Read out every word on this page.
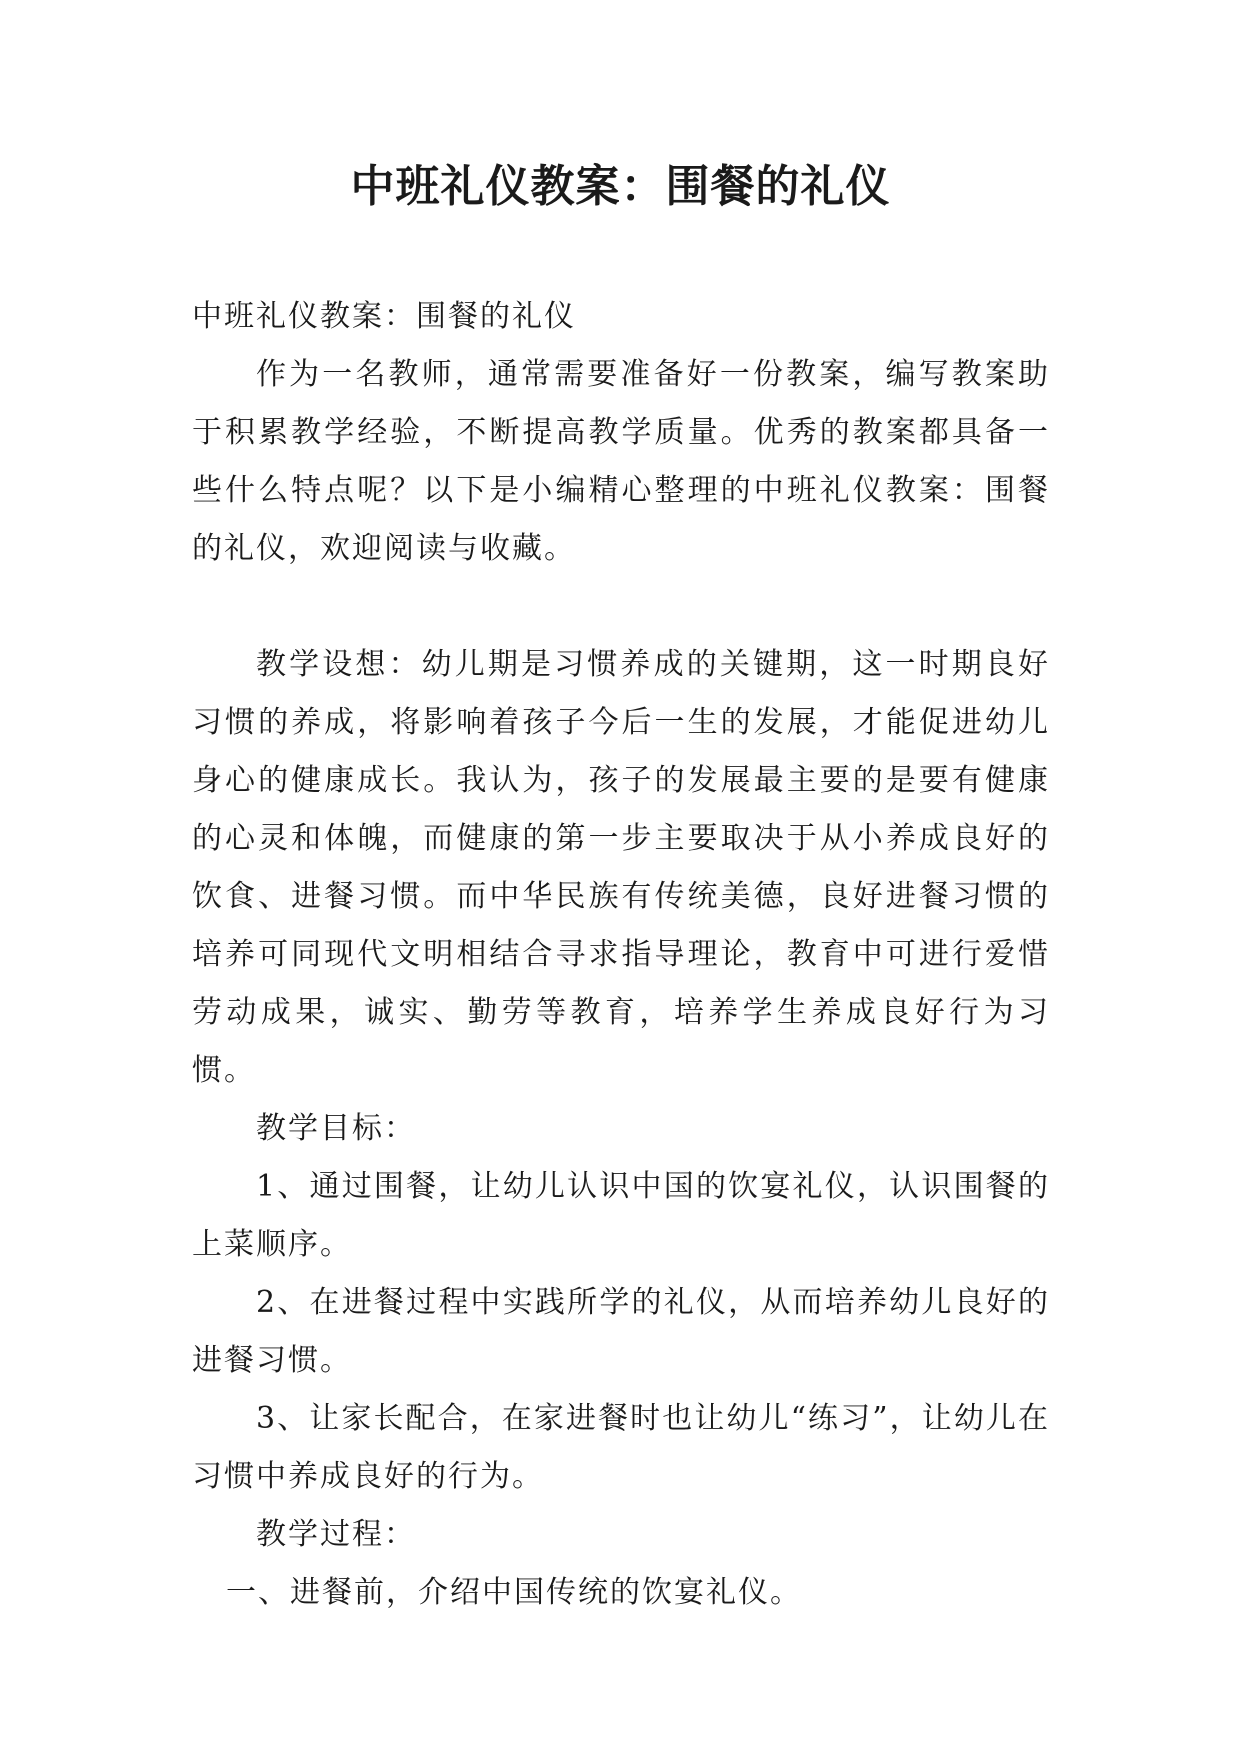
中班礼仪教案：围餐的礼仪

中班礼仪教案：围餐的礼仪

作为一名教师，通常需要准备好一份教案，编写教案助于积累教学经验，不断提高教学质量。优秀的教案都具备一些什么特点呢？以下是小编精心整理的中班礼仪教案：围餐的礼仪，欢迎阅读与收藏。

教学设想：幼儿期是习惯养成的关键期，这一时期良好习惯的养成，将影响着孩子今后一生的发展，才能促进幼儿身心的健康成长。我认为，孩子的发展最主要的是要有健康的心灵和体魄，而健康的第一步主要取决于从小养成良好的饮食、进餐习惯。而中华民族有传统美德，良好进餐习惯的培养可同现代文明相结合寻求指导理论，教育中可进行爱惜劳动成果，诚实、勤劳等教育，培养学生养成良好行为习惯。

教学目标：

1、通过围餐，让幼儿认识中国的饮宴礼仪，认识围餐的上菜顺序。

2、在进餐过程中实践所学的礼仪，从而培养幼儿良好的进餐习惯。

3、让家长配合，在家进餐时也让幼儿“练习”，让幼儿在习惯中养成良好的行为。

教学过程：

一、进餐前，介绍中国传统的饮宴礼仪。
